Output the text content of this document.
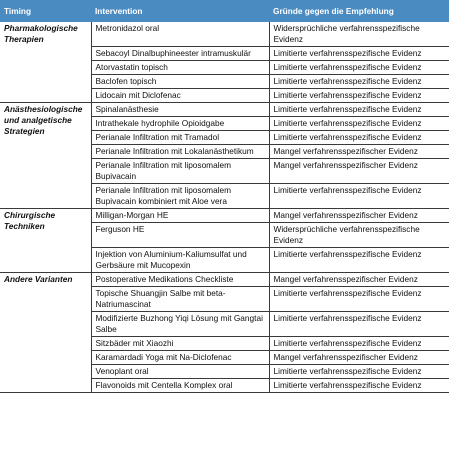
Timing	Intervention	Gründe gegen die Empfehlung
Pharmakologische Therapien	Metronidazol oral	Widersprüchliche verfahrensspezifische Evidenz
	Sebacoyl Dinalbuphineester intramuskulär	Limitierte verfahrensspezifische Evidenz
	Atorvastatin topisch	Limitierte verfahrensspezifische Evidenz
	Baclofen topisch	Limitierte verfahrensspezifische Evidenz
	Lidocain mit Diclofenac	Limitierte verfahrensspezifische Evidenz
Anästhesiologische und analgetische Strategien	Spinalanästhesie	Limitierte verfahrensspezifische Evidenz
	Intrathekale hydrophile Opioidgabe	Limitierte verfahrensspezifische Evidenz
	Perianale Infiltration mit Tramadol	Limitierte verfahrensspezifische Evidenz
	Perianale Infiltration mit Lokalanästhetikum	Mangel verfahrensspezifischer Evidenz
	Perianale Infiltration mit liposomalem Bupivacain	Mangel verfahrensspezifischer Evidenz
	Perianale Infiltration mit liposomalem Bupivacain kombiniert mit Aloe vera	Limitierte verfahrensspezifische Evidenz
Chirurgische Techniken	Milligan-Morgan HE	Mangel verfahrensspezifischer Evidenz
	Ferguson HE	Widersprüchliche verfahrensspezifische Evidenz
	Injektion von Aluminium-Kaliumsulfat und Gerbsäure mit Mucopexin	Limitierte verfahrensspezifische Evidenz
Andere Varianten	Postoperative Medikations Checkliste	Mangel verfahrensspezifischer Evidenz
	Topische Shuangjin Salbe mit beta-Natriumascinat	Limitierte verfahrensspezifische Evidenz
	Modifizierte Buzhong Yiqi Lösung mit Gangtai Salbe	Limitierte verfahrensspezifische Evidenz
	Sitzbäder mit Xiaozhi	Limitierte verfahrensspezifische Evidenz
	Karamardadi Yoga mit Na-Diclofenac	Mangel verfahrensspezifischer Evidenz
	Venoplant oral	Limitierte verfahrensspezifische Evidenz
	Flavonoids mit Centella Komplex oral	Limitierte verfahrensspezifische Evidenz
